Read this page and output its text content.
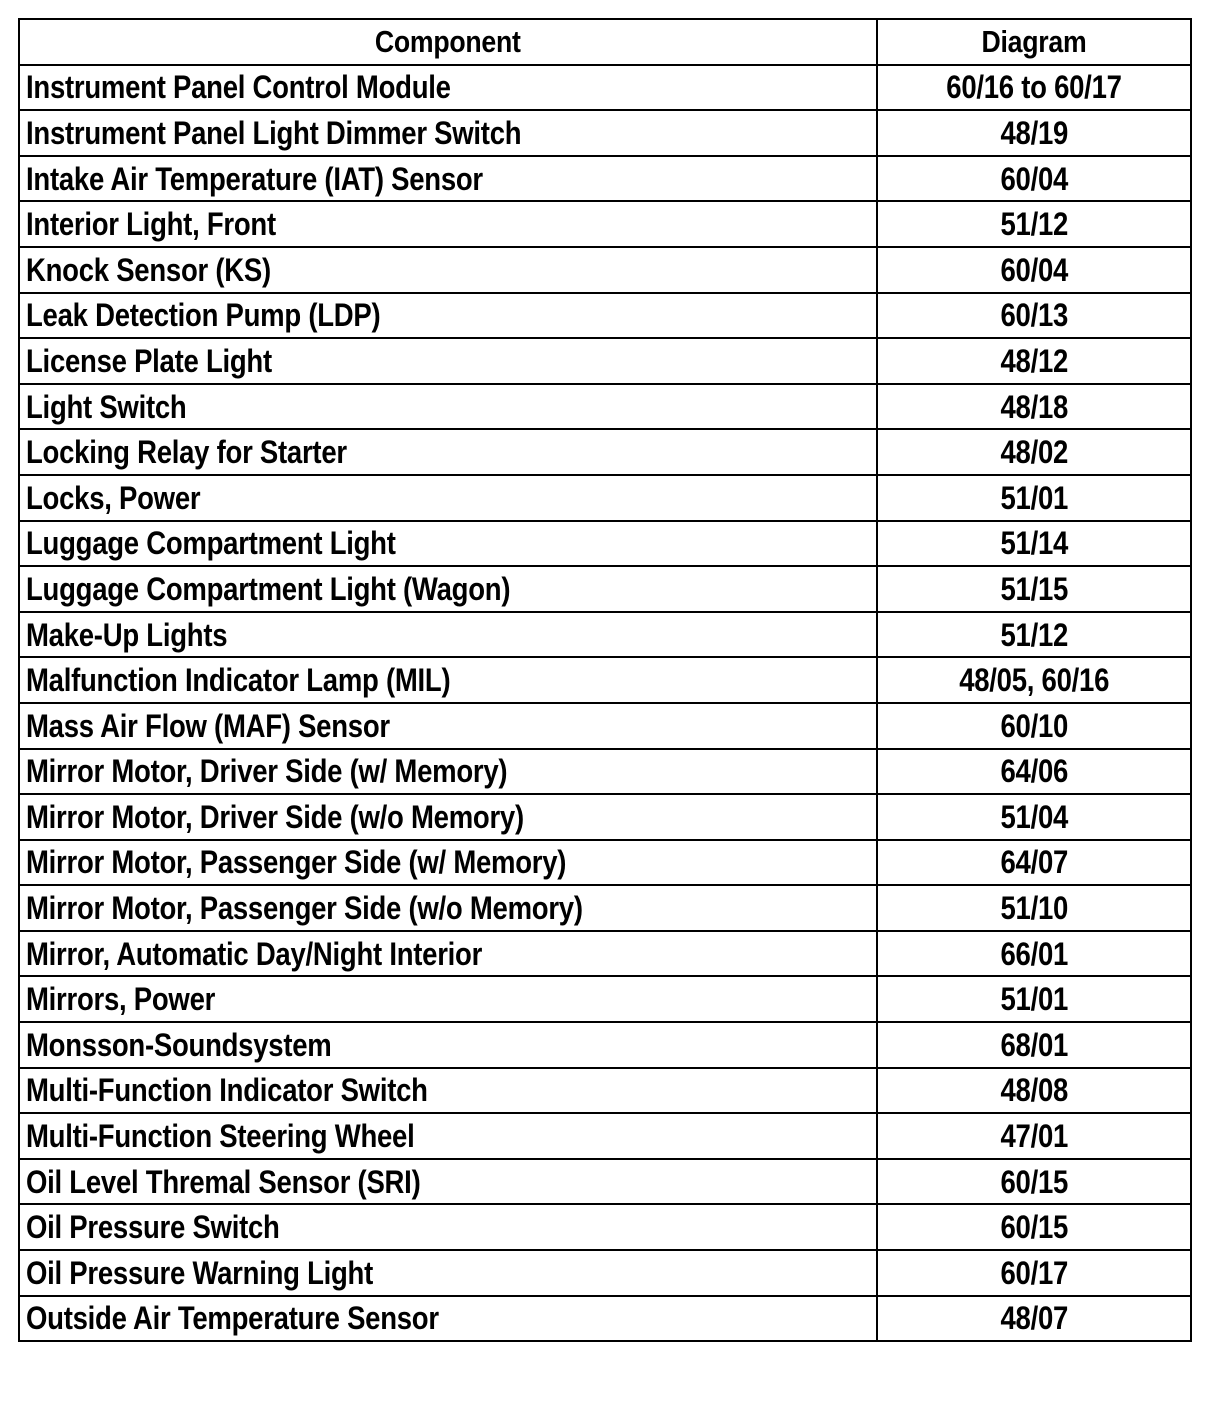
Component	Diagram
Instrument Panel Control Module	60/16 to 60/17
Instrument Panel Light Dimmer Switch	48/19
Intake Air Temperature (IAT) Sensor	60/04
Interior Light, Front	51/12
Knock Sensor (KS)	60/04
Leak Detection Pump (LDP)	60/13
License Plate Light	48/12
Light Switch	48/18
Locking Relay for Starter	48/02
Locks, Power	51/01
Luggage Compartment Light	51/14
Luggage Compartment Light (Wagon)	51/15
Make-Up Lights	51/12
Malfunction Indicator Lamp (MIL)	48/05, 60/16
Mass Air Flow (MAF) Sensor	60/10
Mirror Motor, Driver Side (w/ Memory)	64/06
Mirror Motor, Driver Side (w/o Memory)	51/04
Mirror Motor, Passenger Side (w/ Memory)	64/07
Mirror Motor, Passenger Side (w/o Memory)	51/10
Mirror, Automatic Day/Night Interior	66/01
Mirrors, Power	51/01
Monsson-Soundsystem	68/01
Multi-Function Indicator Switch	48/08
Multi-Function Steering Wheel	47/01
Oil Level Thremal Sensor (SRI)	60/15
Oil Pressure Switch	60/15
Oil Pressure Warning Light	60/17
Outside Air Temperature Sensor	48/07
